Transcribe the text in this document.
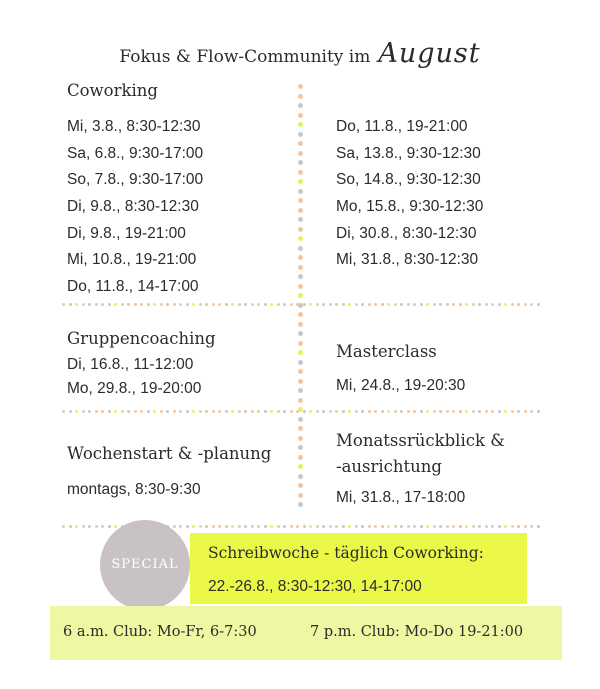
Fokus & Flow-Community im August
Coworking
Mi, 3.8., 8:30-12:30
Sa, 6.8., 9:30-17:00
So, 7.8., 9:30-17:00
Di, 9.8., 8:30-12:30
Di, 9.8., 19-21:00
Mi, 10.8., 19-21:00
Do, 11.8., 14-17:00
Do, 11.8., 19-21:00
Sa, 13.8., 9:30-12:30
So, 14.8., 9:30-12:30
Mo, 15.8., 9:30-12:30
Di, 30.8., 8:30-12:30
Mi, 31.8., 8:30-12:30
Gruppencoaching
Di, 16.8., 11-12:00
Mo, 29.8., 19-20:00
Masterclass
Mi, 24.8., 19-20:30
Wochenstart & -planung
montags, 8:30-9:30
Monatssrückblick &
-ausrichtung
Mi, 31.8., 17-18:00
SPECIAL
Schreibwoche - täglich Coworking:
22.-26.8., 8:30-12:30, 14-17:00
6 a.m. Club: Mo-Fr, 6-7:30	7 p.m. Club: Mo-Do 19-21:00
